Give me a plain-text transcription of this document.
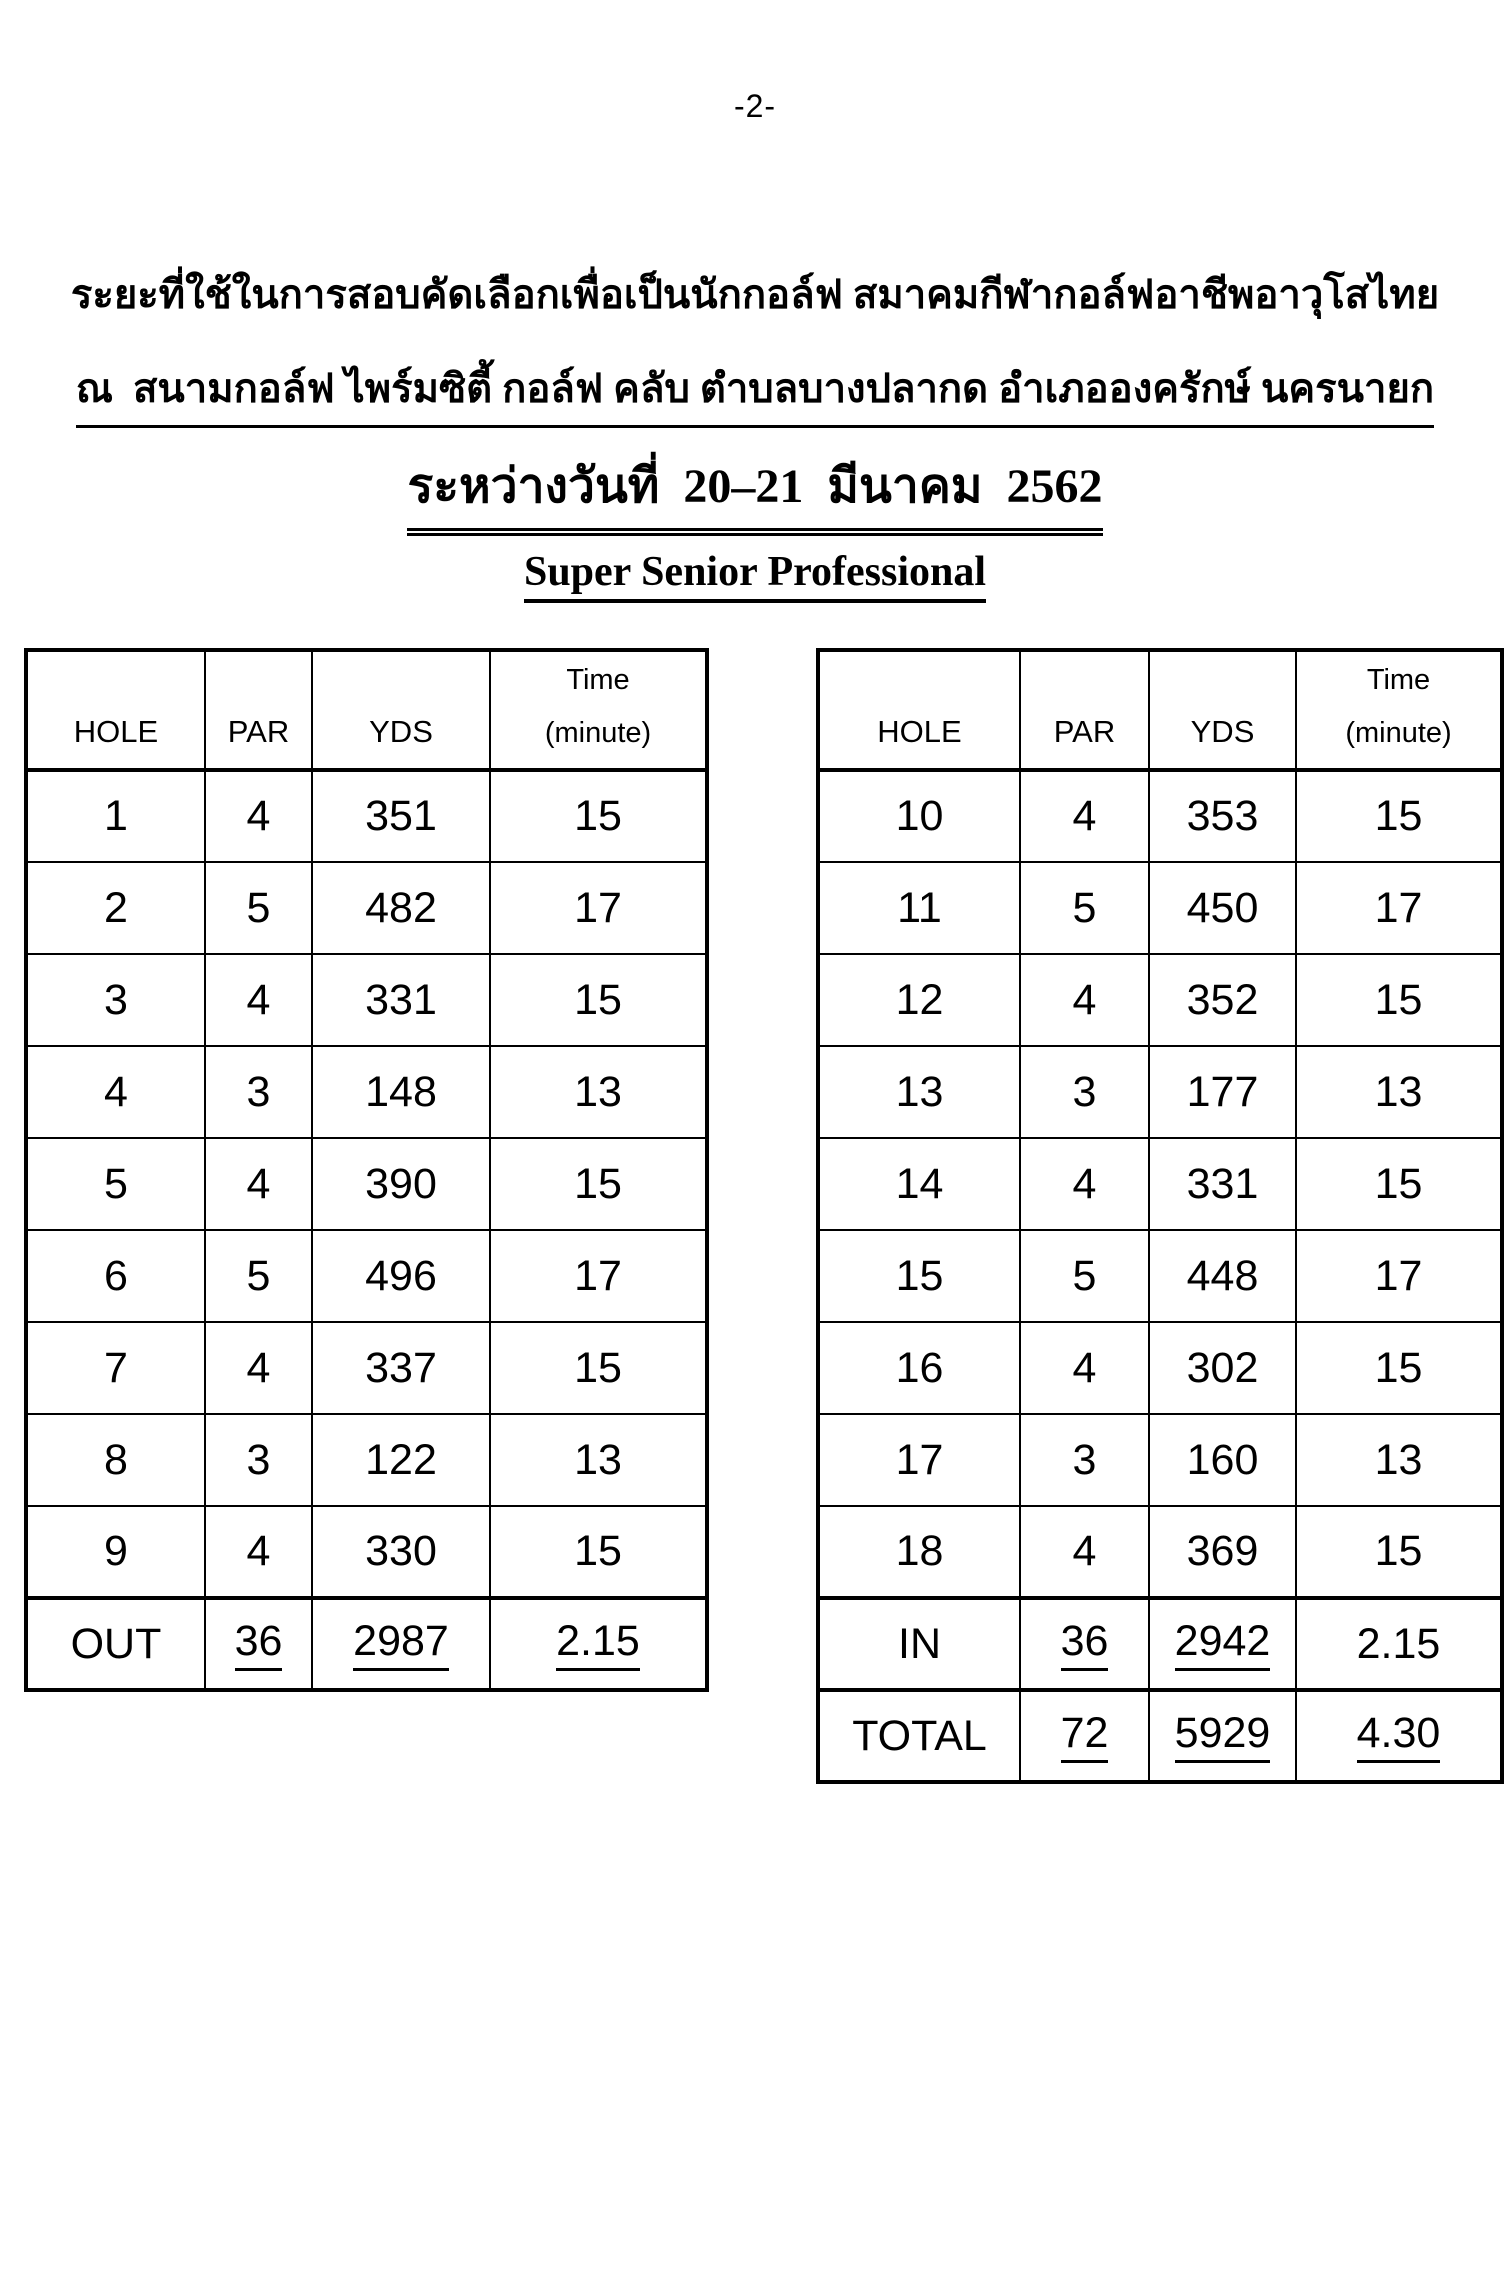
-2-
ระยะที่ใช้ในการสอบคัดเลือกเพื่อเป็นนักกอล์ฟ สมาคมกีฬากอล์ฟอาชีพอาวุโสไทย
ณ  สนามกอล์ฟ ไพร์มซิตี้ กอล์ฟ คลับ ตำบลบางปลากด อำเภอองครักษ์ นครนายก
ระหว่างวันที่  20–21  มีนาคม  2562
Super Senior Professional
HOLE	PAR	YDS	Time
(minute)

1	4	351	15
2	5	482	17
3	4	331	15
4	3	148	13
5	4	390	15
6	5	496	17
7	4	337	15
8	3	122	13
9	4	330	15
OUT	36	2987	2.15
HOLE	PAR	YDS	Time
(minute)

10	4	353	15
11	5	450	17
12	4	352	15
13	3	177	13
14	4	331	15
15	5	448	17
16	4	302	15
17	3	160	13
18	4	369	15
IN	36	2942	2.15
TOTAL	72	5929	4.30
